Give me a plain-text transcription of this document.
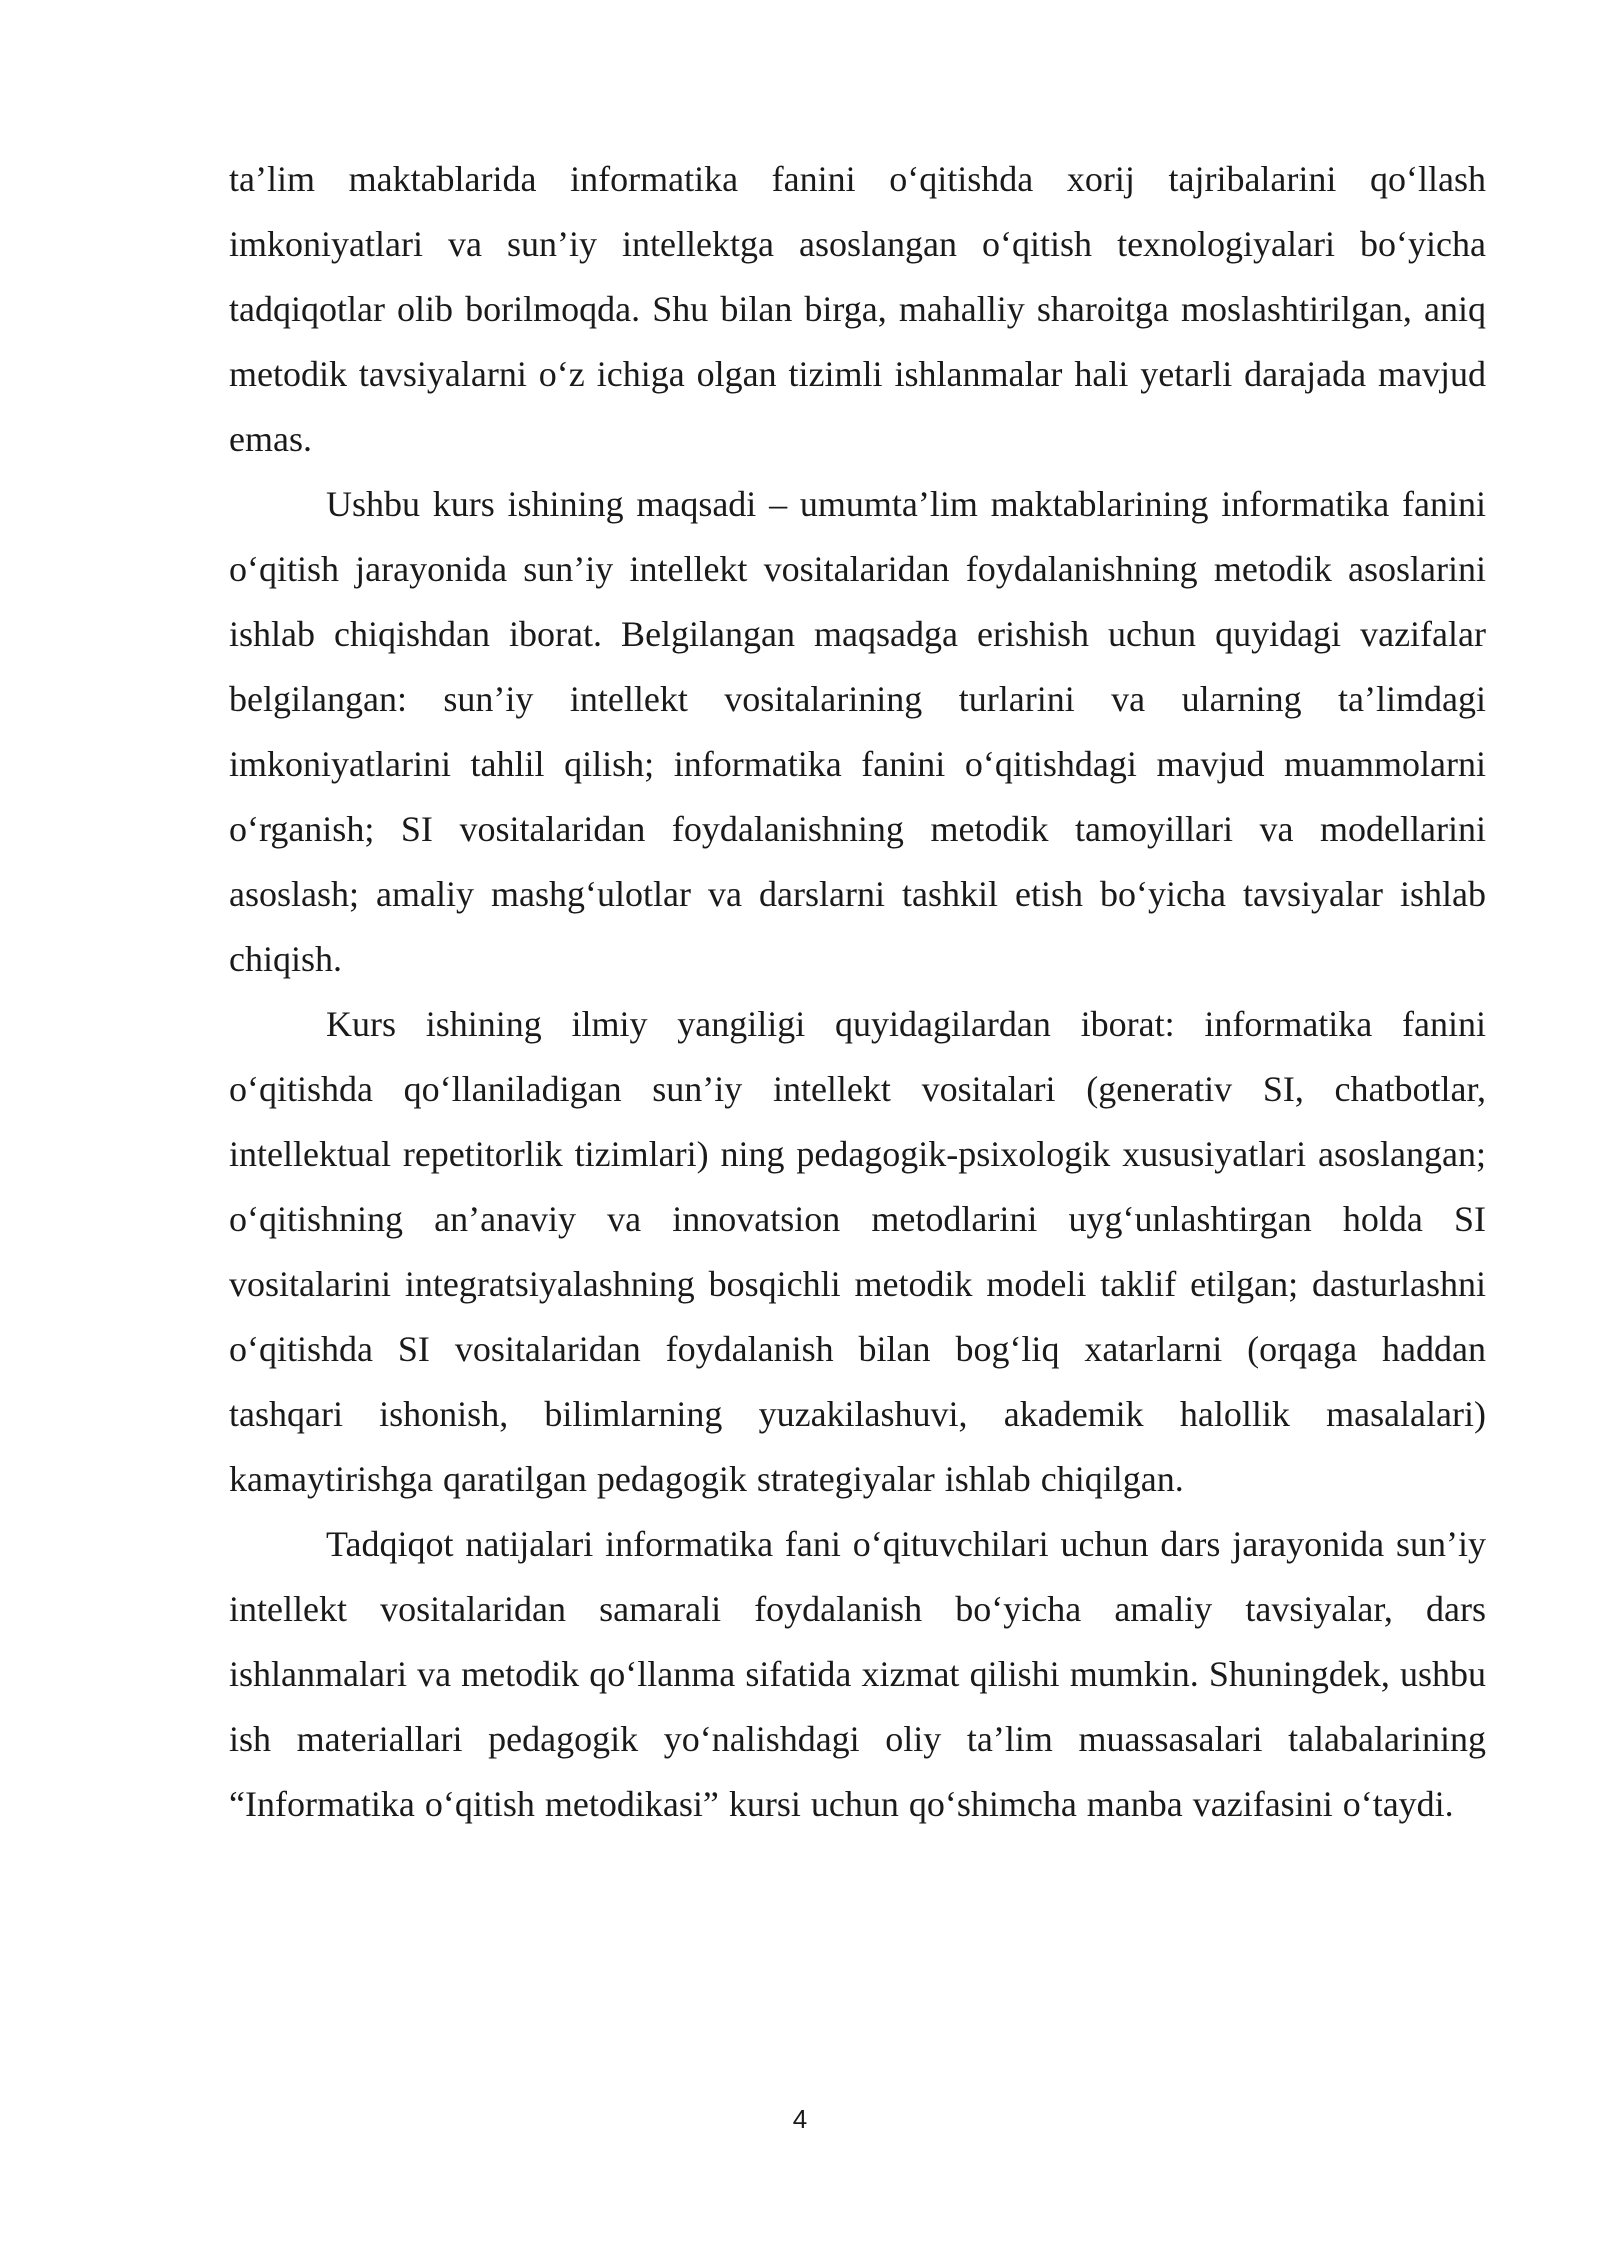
ta’lim maktablarida informatika fanini o‘qitishda xorij tajribalarini qo‘llash imkoniyatlari va sun’iy intellektga asoslangan o‘qitish texnologiyalari bo‘yicha tadqiqotlar olib borilmoqda. Shu bilan birga, mahalliy sharoitga moslashtirilgan, aniq metodik tavsiyalarni o‘z ichiga olgan tizimli ishlanmalar hali yetarli darajada mavjud emas.

Ushbu kurs ishining maqsadi – umumta’lim maktablarining informatika fanini o‘qitish jarayonida sun’iy intellekt vositalaridan foydalanishning metodik asoslarini ishlab chiqishdan iborat. Belgilangan maqsadga erishish uchun quyidagi vazifalar belgilangan: sun’iy intellekt vositalarining turlarini va ularning ta’limdagi imkoniyatlarini tahlil qilish; informatika fanini o‘qitishdagi mavjud muammolarni o‘rganish; SI vositalaridan foydalanishning metodik tamoyillari va modellarini asoslash; amaliy mashg‘ulotlar va darslarni tashkil etish bo‘yicha tavsiyalar ishlab chiqish.

Kurs ishining ilmiy yangiligi quyidagilardan iborat: informatika fanini o‘qitishda qo‘llaniladigan sun’iy intellekt vositalari (generativ SI, chatbotlar, intellektual repetitorlik tizimlari) ning pedagogik-psixologik xususiyatlari asoslangan; o‘qitishning an’anaviy va innovatsion metodlarini uyg‘unlashtirgan holda SI vositalarini integratsiyalashning bosqichli metodik modeli taklif etilgan; dasturlashni o‘qitishda SI vositalaridan foydalanish bilan bog‘liq xatarlarni (orqaga haddan tashqari ishonish, bilimlarning yuzakilashuvi, akademik halollik masalalari) kamaytirishga qaratilgan pedagogik strategiyalar ishlab chiqilgan.

Tadqiqot natijalari informatika fani o‘qituvchilari uchun dars jarayonida sun’iy intellekt vositalaridan samarali foydalanish bo‘yicha amaliy tavsiyalar, dars ishlanmalari va metodik qo‘llanma sifatida xizmat qilishi mumkin. Shuningdek, ushbu ish materiallari pedagogik yo‘nalishdagi oliy ta’lim muassasalari talabalarining “Informatika o‘qitish metodikasi” kursi uchun qo‘shimcha manba vazifasini o‘taydi.

4
